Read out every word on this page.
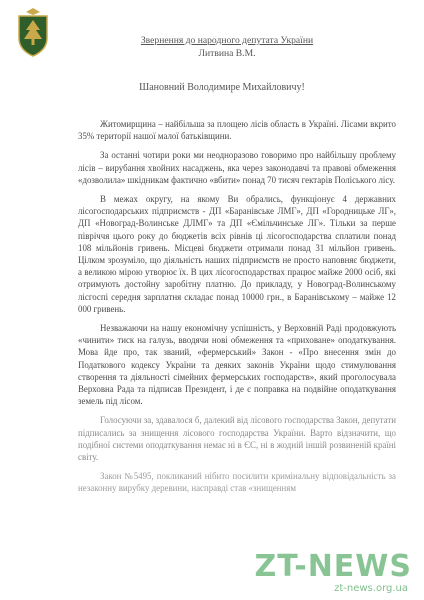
Звернення до народного депутата України
Литвина В.М.
Шановний Володимире Михайловичу!

Житомирщина – найбільша за площею лісів область в Україні. Лісами вкрито 35% території нашої малої батьківщини.

За останні чотири роки ми неодноразово говоримо про найбільшу проблему лісів – вирубання хвойних насаджень, яка через законодавчі та правові обмеження «дозволила» шкідникам фактично «вбити» понад 70 тисяч гектарів Поліського лісу.

В межах округу, на якому Ви обрались, функціонує 4 державних лісогосподарських підприємств - ДП «Баранівське ЛМГ», ДП «Городницьке ЛГ», ДП «Новоград-Волинське ДЛМГ» та ДП «Ємільчинське ЛГ». Тільки за перше півріччя цього року до бюджетів всіх рівнів ці лісогосподарства сплатили понад 108 мільйонів гривень. Місцеві бюджети отримали понад 31 мільйон гривень. Цілком зрозуміло, що діяльність наших підприємств не просто наповняє бюджети, а великою мірою утворює їх. В цих лісогосподарствах працює майже 2000 осіб, які отримують достойну заробітну платню. До прикладу, у Новоград-Волинському лісгоспі середня зарплатня складає понад 10000 грн., в Баранівському – майже 12 000 гривень.

Незважаючи на нашу економічну успішність, у Верховній Раді продовжують «чинити» тиск на галузь, вводячи нові обмеження та «приховане» оподаткування. Мова йде про, так званий, «фермерський» Закон - «Про внесення змін до Податкового кодексу України та деяких законів України щодо стимулювання створення та діяльності сімейних фермерських господарств», який проголосувала Верховна Рада та підписав Президент, і де є поправка на подвійне оподаткування земель під лісом.

Голосуючи за, здавалося б, далекий від лісового господарства Закон, депутати підписались за знищення лісового господарства України. Варто відзначити, що подібної системи оподаткування немає ні в ЄС, ні в жодній іншій розвиненій країні світу.

Закон №5495, покликаний нібито посилити кримінальну відповідальність за незаконну вирубку деревини, насправді став «знищенням

ZT-NEWS
zt-news.org.ua
